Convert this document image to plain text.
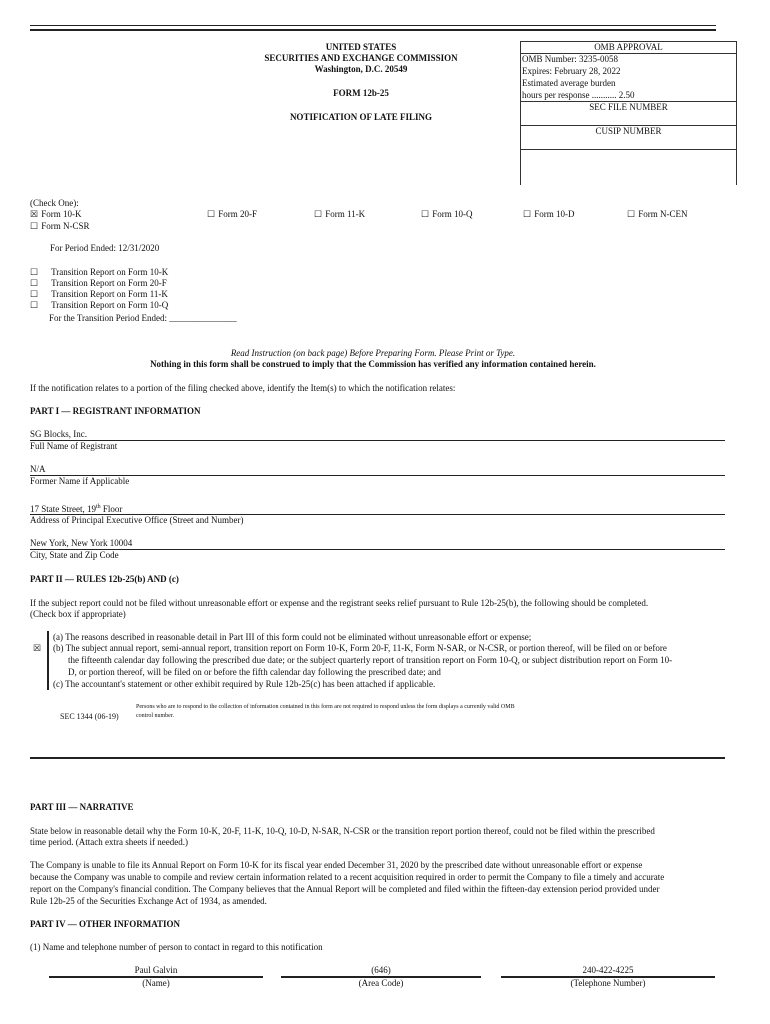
UNITED STATES
SECURITIES AND EXCHANGE COMMISSION
Washington, D.C. 20549
FORM 12b-25
NOTIFICATION OF LATE FILING
OMB APPROVAL
OMB Number: 3235-0058
Expires: February 28, 2022
Estimated average burden
hours per response ........... 2.50
SEC FILE NUMBER
CUSIP NUMBER
(Check One):
☒ Form 10-K	☐ Form 20-F	☐ Form 11-K	☐ Form 10-Q	☐ Form 10-D	☐ Form N-CEN
☐ Form N-CSR
For Period Ended: 12/31/2020
☐ Transition Report on Form 10-K
☐ Transition Report on Form 20-F
☐ Transition Report on Form 11-K
☐ Transition Report on Form 10-Q
For the Transition Period Ended: _______________
Read Instruction (on back page) Before Preparing Form. Please Print or Type.
Nothing in this form shall be construed to imply that the Commission has verified any information contained herein.
If the notification relates to a portion of the filing checked above, identify the Item(s) to which the notification relates:
PART I — REGISTRANT INFORMATION
SG Blocks, Inc.
Full Name of Registrant
N/A
Former Name if Applicable
17 State Street, 19th Floor
Address of Principal Executive Office (Street and Number)
New York, New York 10004
City, State and Zip Code
PART II — RULES 12b-25(b) AND (c)
If the subject report could not be filed without unreasonable effort or expense and the registrant seeks relief pursuant to Rule 12b-25(b), the following should be completed.
(Check box if appropriate)
☒
(a) The reasons described in reasonable detail in Part III of this form could not be eliminated without unreasonable effort or expense;
(b) The subject annual report, semi-annual report, transition report on Form 10-K, Form 20-F, 11-K, Form N-SAR, or N-CSR, or portion thereof, will be filed on or before
the fifteenth calendar day following the prescribed due date; or the subject quarterly report of transition report on Form 10-Q, or subject distribution report on Form 10-
D, or portion thereof, will be filed on or before the fifth calendar day following the prescribed date; and
(c) The accountant's statement or other exhibit required by Rule 12b-25(c) has been attached if applicable.
SEC 1344 (06-19)
Persons who are to respond to the collection of information contained in this form are not required to respond unless the form displays a currently valid OMB
control number.
PART III — NARRATIVE
State below in reasonable detail why the Form 10-K, 20-F, 11-K, 10-Q, 10-D, N-SAR, N-CSR or the transition report portion thereof, could not be filed within the prescribed
time period. (Attach extra sheets if needed.)
The Company is unable to file its Annual Report on Form 10-K for its fiscal year ended December 31, 2020 by the prescribed date without unreasonable effort or expense
because the Company was unable to compile and review certain information related to a recent acquisition required in order to permit the Company to file a timely and accurate
report on the Company's financial condition. The Company believes that the Annual Report will be completed and filed within the fifteen-day extension period provided under
Rule 12b-25 of the Securities Exchange Act of 1934, as amended.
PART IV — OTHER INFORMATION
(1) Name and telephone number of person to contact in regard to this notification
Paul Galvin	(646)	240-422-4225
(Name)	(Area Code)	(Telephone Number)
